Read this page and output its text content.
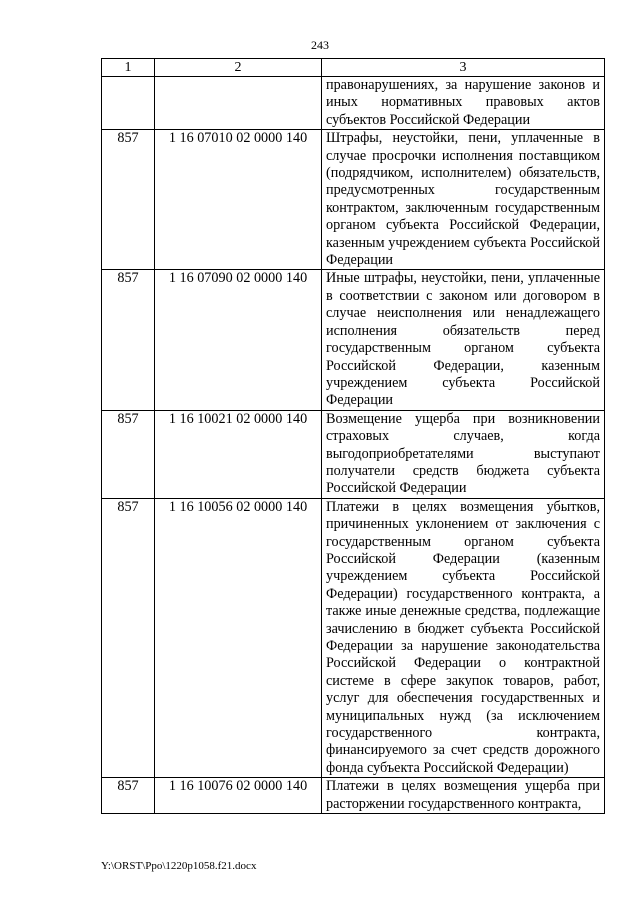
243
1	2	3
		правонарушениях, за нарушение законов и иных нормативных правовых актов субъектов Российской Федерации
857	1 16 07010 02 0000 140	Штрафы, неустойки, пени, уплаченные в случае просрочки исполнения поставщиком (подрядчиком, исполнителем) обязательств, предусмотренных государственным контрактом, заключенным государственным органом субъекта Российской Федерации, казенным учреждением субъекта Российской Федерации
857	1 16 07090 02 0000 140	Иные штрафы, неустойки, пени, уплаченные в соответствии с законом или договором в случае неисполнения или ненадлежащего исполнения обязательств перед государственным органом субъекта Российской Федерации, казенным учреждением субъекта Российской Федерации
857	1 16 10021 02 0000 140	Возмещение ущерба при возникновении страховых случаев, когда выгодоприобретателями выступают получатели средств бюджета субъекта Российской Федерации
857	1 16 10056 02 0000 140	Платежи в целях возмещения убытков, причиненных уклонением от заключения с государственным органом субъекта Российской Федерации (казенным учреждением субъекта Российской Федерации) государственного контракта, а также иные денежные средства, подлежащие зачислению в бюджет субъекта Российской Федерации за нарушение законодательства Российской Федерации о контрактной системе в сфере закупок товаров, работ, услуг для обеспечения государственных и муниципальных нужд (за исключением государственного контракта, финансируемого за счет средств дорожного фонда субъекта Российской Федерации)
857	1 16 10076 02 0000 140	Платежи в целях возмещения ущерба при расторжении государственного контракта,
Y:\ORST\Ppo\1220p1058.f21.docx
